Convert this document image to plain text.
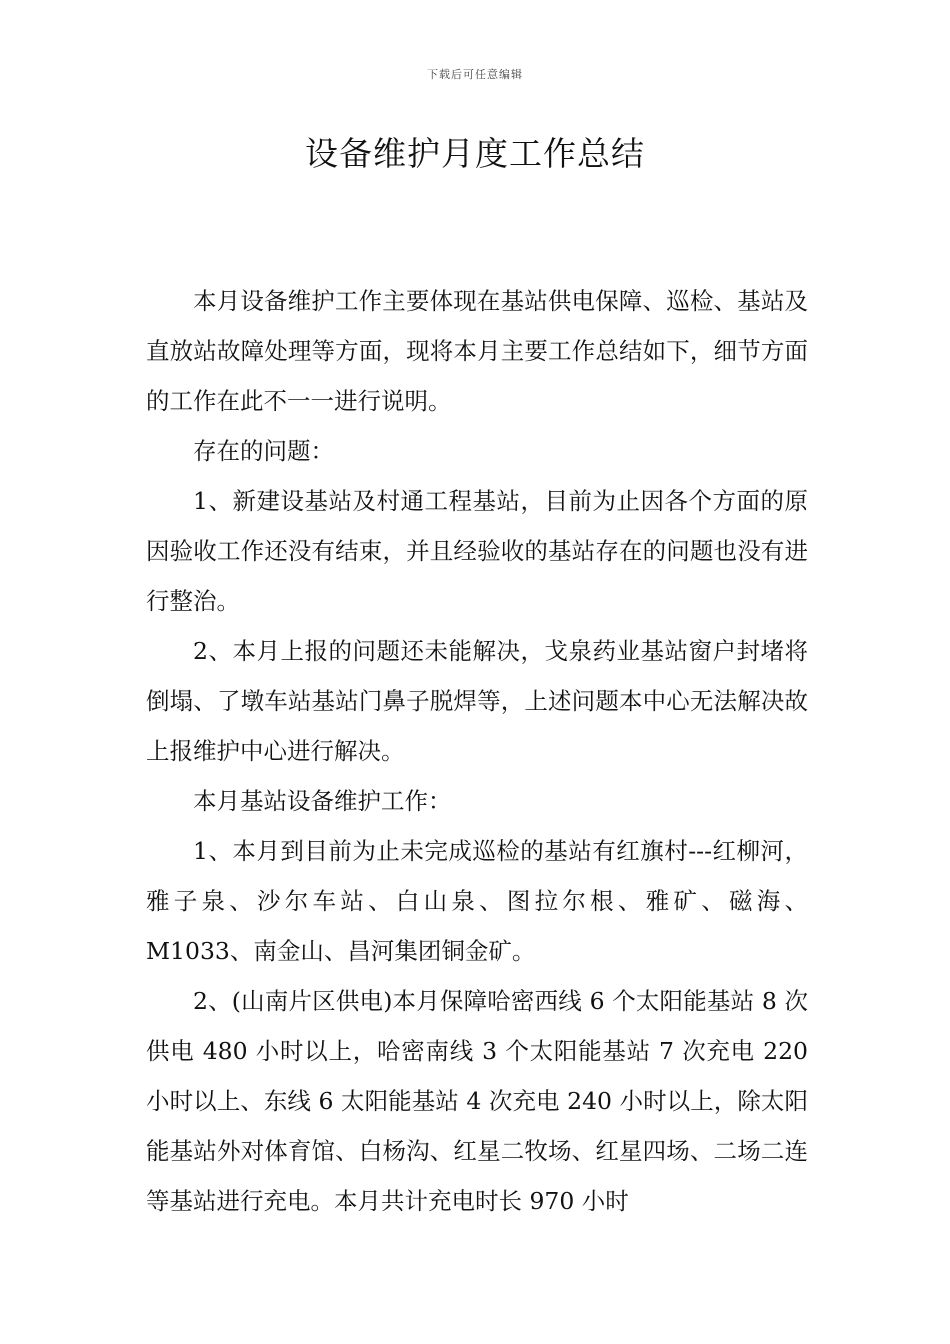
下载后可任意编辑
设备维护月度工作总结

本月设备维护工作主要体现在基站供电保障、巡检、基站及直放站故障处理等方面，现将本月主要工作总结如下，细节方面的工作在此不一一进行说明。

存在的问题：

1、新建设基站及村通工程基站，目前为止因各个方面的原因验收工作还没有结束，并且经验收的基站存在的问题也没有进行整治。

2、本月上报的问题还未能解决，戈泉药业基站窗户封堵将倒塌、了墩车站基站门鼻子脱焊等，上述问题本中心无法解决故上报维护中心进行解决。

本月基站设备维护工作：

1、本月到目前为止未完成巡检的基站有红旗村---红柳河，雅子泉、沙尔车站、白山泉、图拉尔根、雅矿、磁海、M1033、南金山、昌河集团铜金矿。

2、(山南片区供电)本月保障哈密西线 6 个太阳能基站 8 次供电 480 小时以上，哈密南线 3 个太阳能基站 7 次充电 220 小时以上、东线 6 太阳能基站 4 次充电 240 小时以上，除太阳能基站外对体育馆、白杨沟、红星二牧场、红星四场、二场二连等基站进行充电。本月共计充电时长 970 小时
